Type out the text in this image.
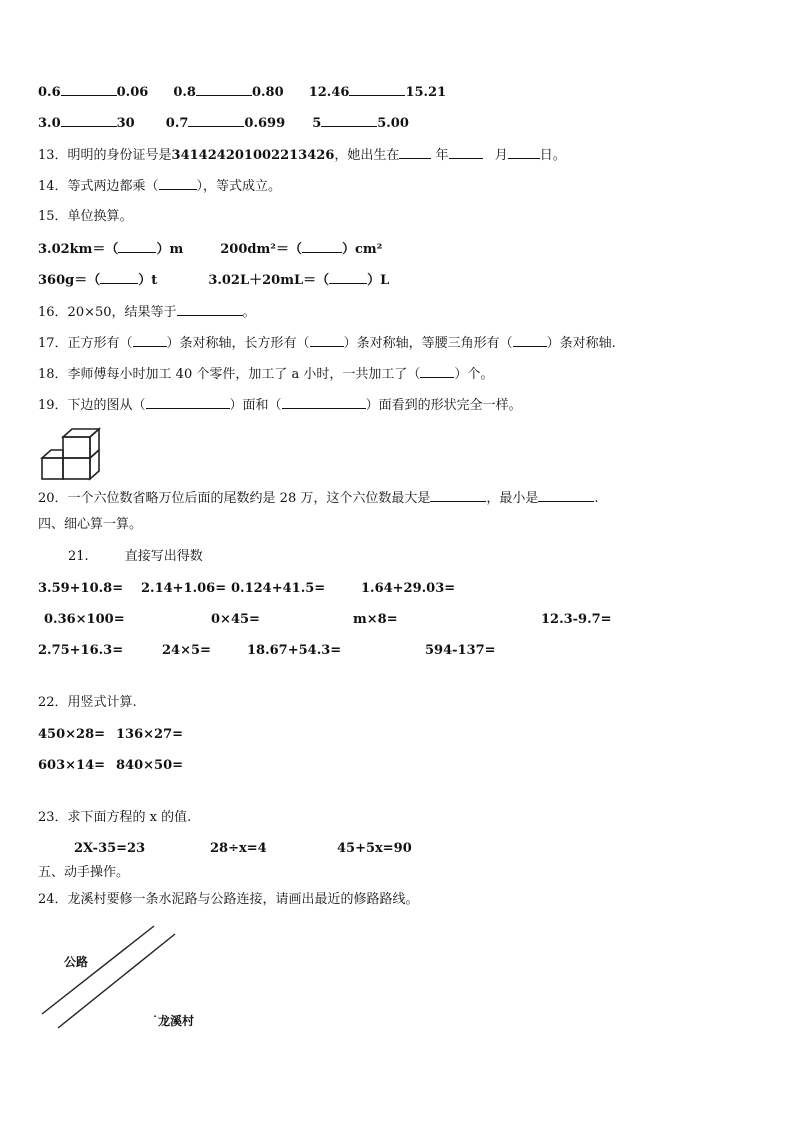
0.6	0.06 0.8	0.80 12.46	15.21
3.0	30 0.7	0.699 5	5.00
13．明明的身份证号是341424201002213426，她出生在	年	月 日。
14．等式两边都乘（	），等式成立。
15．单位换算。
3.02km＝（	）m	200dm²＝（	）cm²
360g＝（	）t	3.02L＋20mL＝（	）L
16．20×50，结果等于	。
17．正方形有（	）条对称轴，长方形有（	）条对称轴，等腰三角形有（	）条对称轴.
18．李师傅每小时加工 40 个零件，加工了 a 小时，一共加工了（	）个。
19．下边的图从（	）面和（	）面看到的形状完全一样。
20．一个六位数省略万位后面的尾数约是 28 万，这个六位数最大是	，最小是	.
四、细心算一算。
21.	直接写出得数
3.59+10.8= 2.14+1.06= 0.124+41.5=	1.64+29.03=
0.36×100=	0×45=	m×8=	12.3-9.7=
2.75+16.3=	24×5=	18.67+54.3=	594-137=
22．用竖式计算.
450×28= 136×27=
603×14= 840×50=
23．求下面方程的 x 的值.
2X-35=23	28÷x=4	45+5x=90
五、动手操作。
24．龙溪村要修一条水泥路与公路连接，请画出最近的修路路线。
公路
˙龙溪村
